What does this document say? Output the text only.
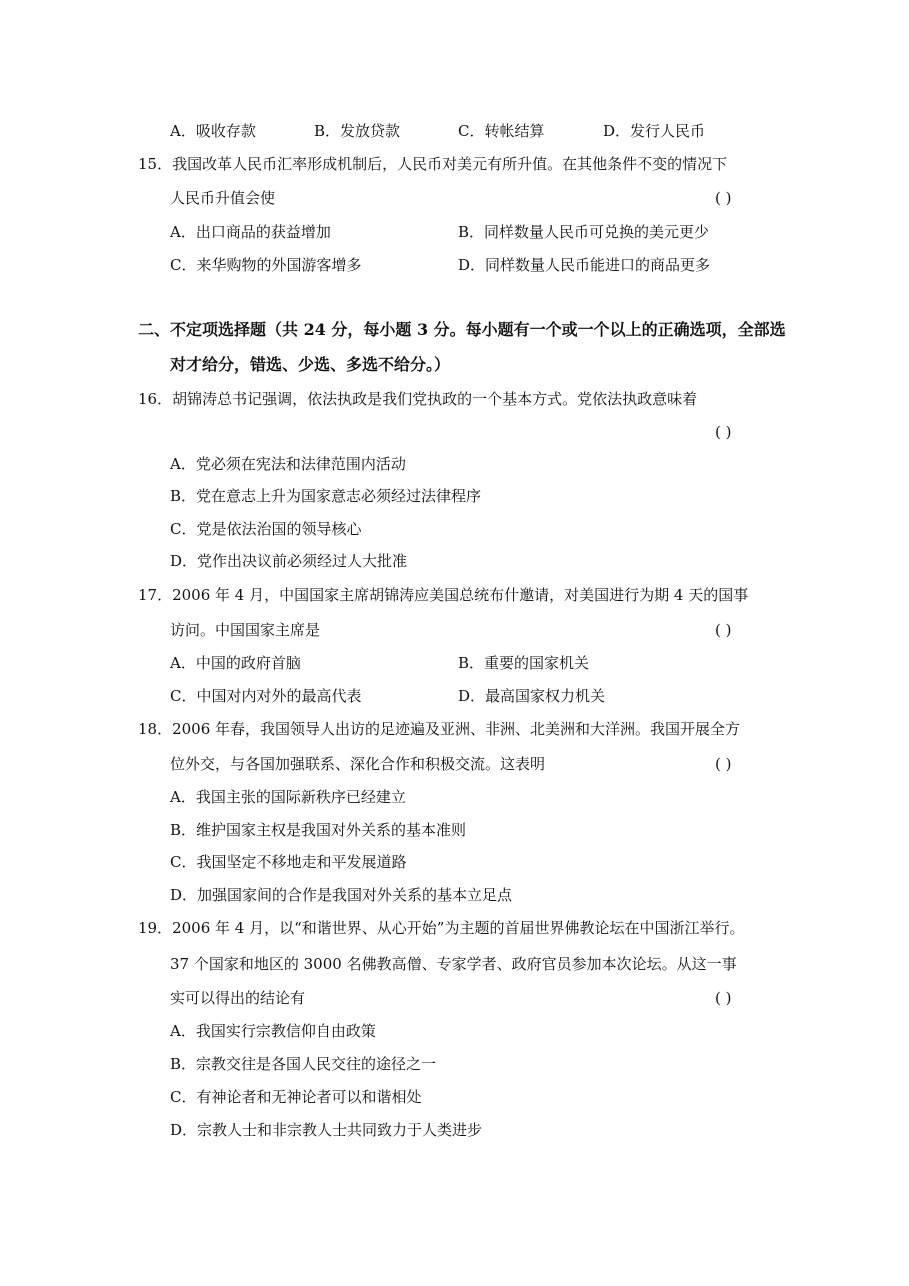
A．吸收存款	B．发放贷款	C．转帐结算	D．发行人民币
15．我国改革人民币汇率形成机制后，人民币对美元有所升值。在其他条件不变的情况下
人民币升值会使	( )
A．出口商品的获益增加	B．同样数量人民币可兑换的美元更少
C．来华购物的外国游客增多	D．同样数量人民币能进口的商品更多
二、不定项选择题（共 24 分，每小题 3 分。每小题有一个或一个以上的正确选项，全部选
对才给分，错选、少选、多选不给分。）
16．胡锦涛总书记强调，依法执政是我们党执政的一个基本方式。党依法执政意味着
( )
A．党必须在宪法和法律范围内活动
B．党在意志上升为国家意志必须经过法律程序
C．党是依法治国的领导核心
D．党作出决议前必须经过人大批准
17．2006 年 4 月，中国国家主席胡锦涛应美国总统布什邀请，对美国进行为期 4 天的国事
访问。中国国家主席是	( )
A．中国的政府首脑	B．重要的国家机关
C．中国对内对外的最高代表	D．最高国家权力机关
18．2006 年春，我国领导人出访的足迹遍及亚洲、非洲、北美洲和大洋洲。我国开展全方
位外交，与各国加强联系、深化合作和积极交流。这表明	( )
A．我国主张的国际新秩序已经建立
B．维护国家主权是我国对外关系的基本准则
C．我国坚定不移地走和平发展道路
D．加强国家间的合作是我国对外关系的基本立足点
19．2006 年 4 月，以“和谐世界、从心开始”为主题的首届世界佛教论坛在中国浙江举行。
37 个国家和地区的 3000 名佛教高僧、专家学者、政府官员参加本次论坛。从这一事
实可以得出的结论有	( )
A．我国实行宗教信仰自由政策
B．宗教交往是各国人民交往的途径之一
C．有神论者和无神论者可以和谐相处
D．宗教人士和非宗教人士共同致力于人类进步
